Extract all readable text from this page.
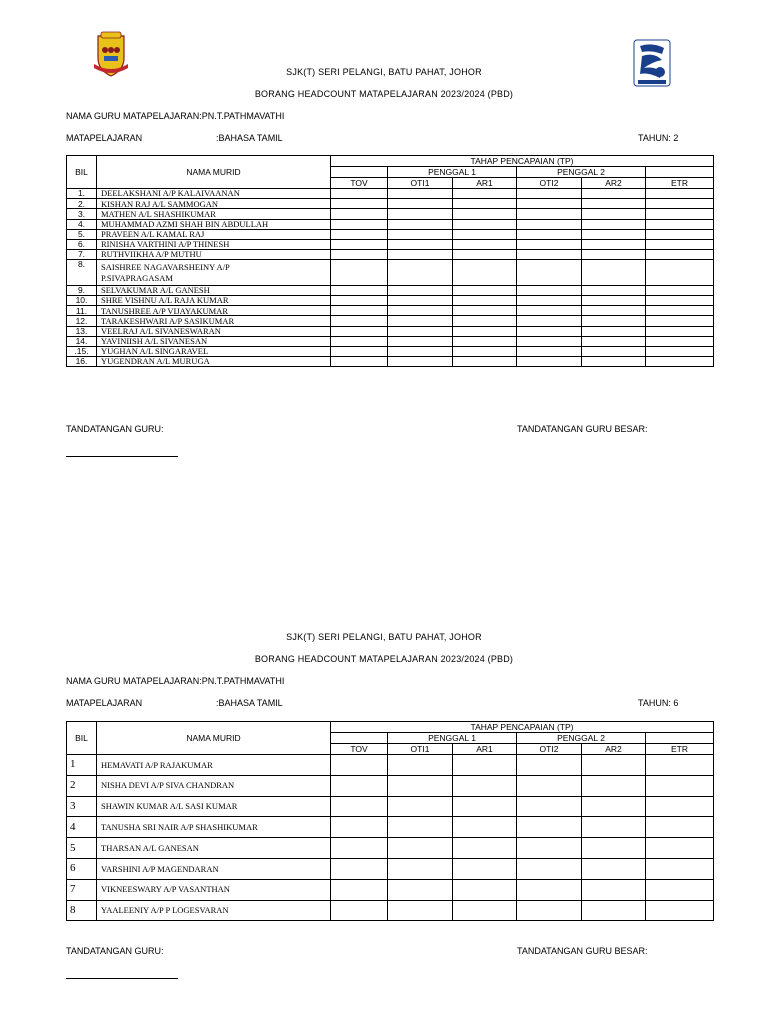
SJK(T) SERI PELANGI, BATU PAHAT, JOHOR
BORANG HEADCOUNT MATAPELAJARAN 2023/2024 (PBD)
NAMA GURU MATAPELAJARAN:PN.T.PATHMAVATHI
MATAPELAJARAN	:BAHASA TAMIL	TAHUN: 2
BIL	NAMA MURID	TAHAP PENCAPAIAN (TP)					
			PENGGAL 1		PENGGAL 2		
		TOV	OTI1	AR1	OTI2	AR2	ETR
1.	DEELAKSHANI A/P KALAIVAANAN						
2.	KISHAN RAJ A/L SAMMOGAN						
3.	MATHEN A/L SHASHIKUMAR						
4.	MUHAMMAD AZMI SHAH BIN ABDULLAH						
5.	PRAVEEN A/L KAMAL RAJ						
6.	RINISHA VARTHINI A/P THINESH						
7.	RUTHVIIKHA A/P MUTHU						
8.	SAISHREE NAGAVARSHEINY A/P
P.SIVAPRAGASAM						

9.	SELVAKUMAR A/L GANESH						
10.	SHRE VISHNU A/L RAJA KUMAR						
11.	TANUSHREE A/P VIJAYAKUMAR						
12.	TARAKESHWARI A/P SASIKUMAR						
13.	VEELRAJ A/L SIVANESWARAN						
14.	YAVINIISH A/L SIVANESAN						
.15.	YUGHAN A/L SINGARAVEL						
16.	YUGENDRAN A/L MURUGA						
TANDATANGAN GURU:	TANDATANGAN GURU BESAR:
SJK(T) SERI PELANGI, BATU PAHAT, JOHOR
BORANG HEADCOUNT MATAPELAJARAN 2023/2024 (PBD)
NAMA GURU MATAPELAJARAN:PN.T.PATHMAVATHI
MATAPELAJARAN	:BAHASA TAMIL	TAHUN: 6
BIL	NAMA MURID	TAHAP PENCAPAIAN (TP)					
			PENGGAL 1		PENGGAL 2		
		TOV	OTI1	AR1	OTI2	AR2	ETR
1	HEMAVATI A/P RAJAKUMAR						
2	NISHA DEVI A/P SIVA CHANDRAN						
3	SHAWIN KUMAR A/L SASI KUMAR						
4	TANUSHA SRI NAIR A/P SHASHIKUMAR						
5	THARSAN A/L GANESAN						
6	VARSHINI A/P MAGENDARAN						
7	VIKNEESWARY A/P VASANTHAN						
8	YAALEENIY A/P P LOGESVARAN						
TANDATANGAN GURU:	TANDATANGAN GURU BESAR:
